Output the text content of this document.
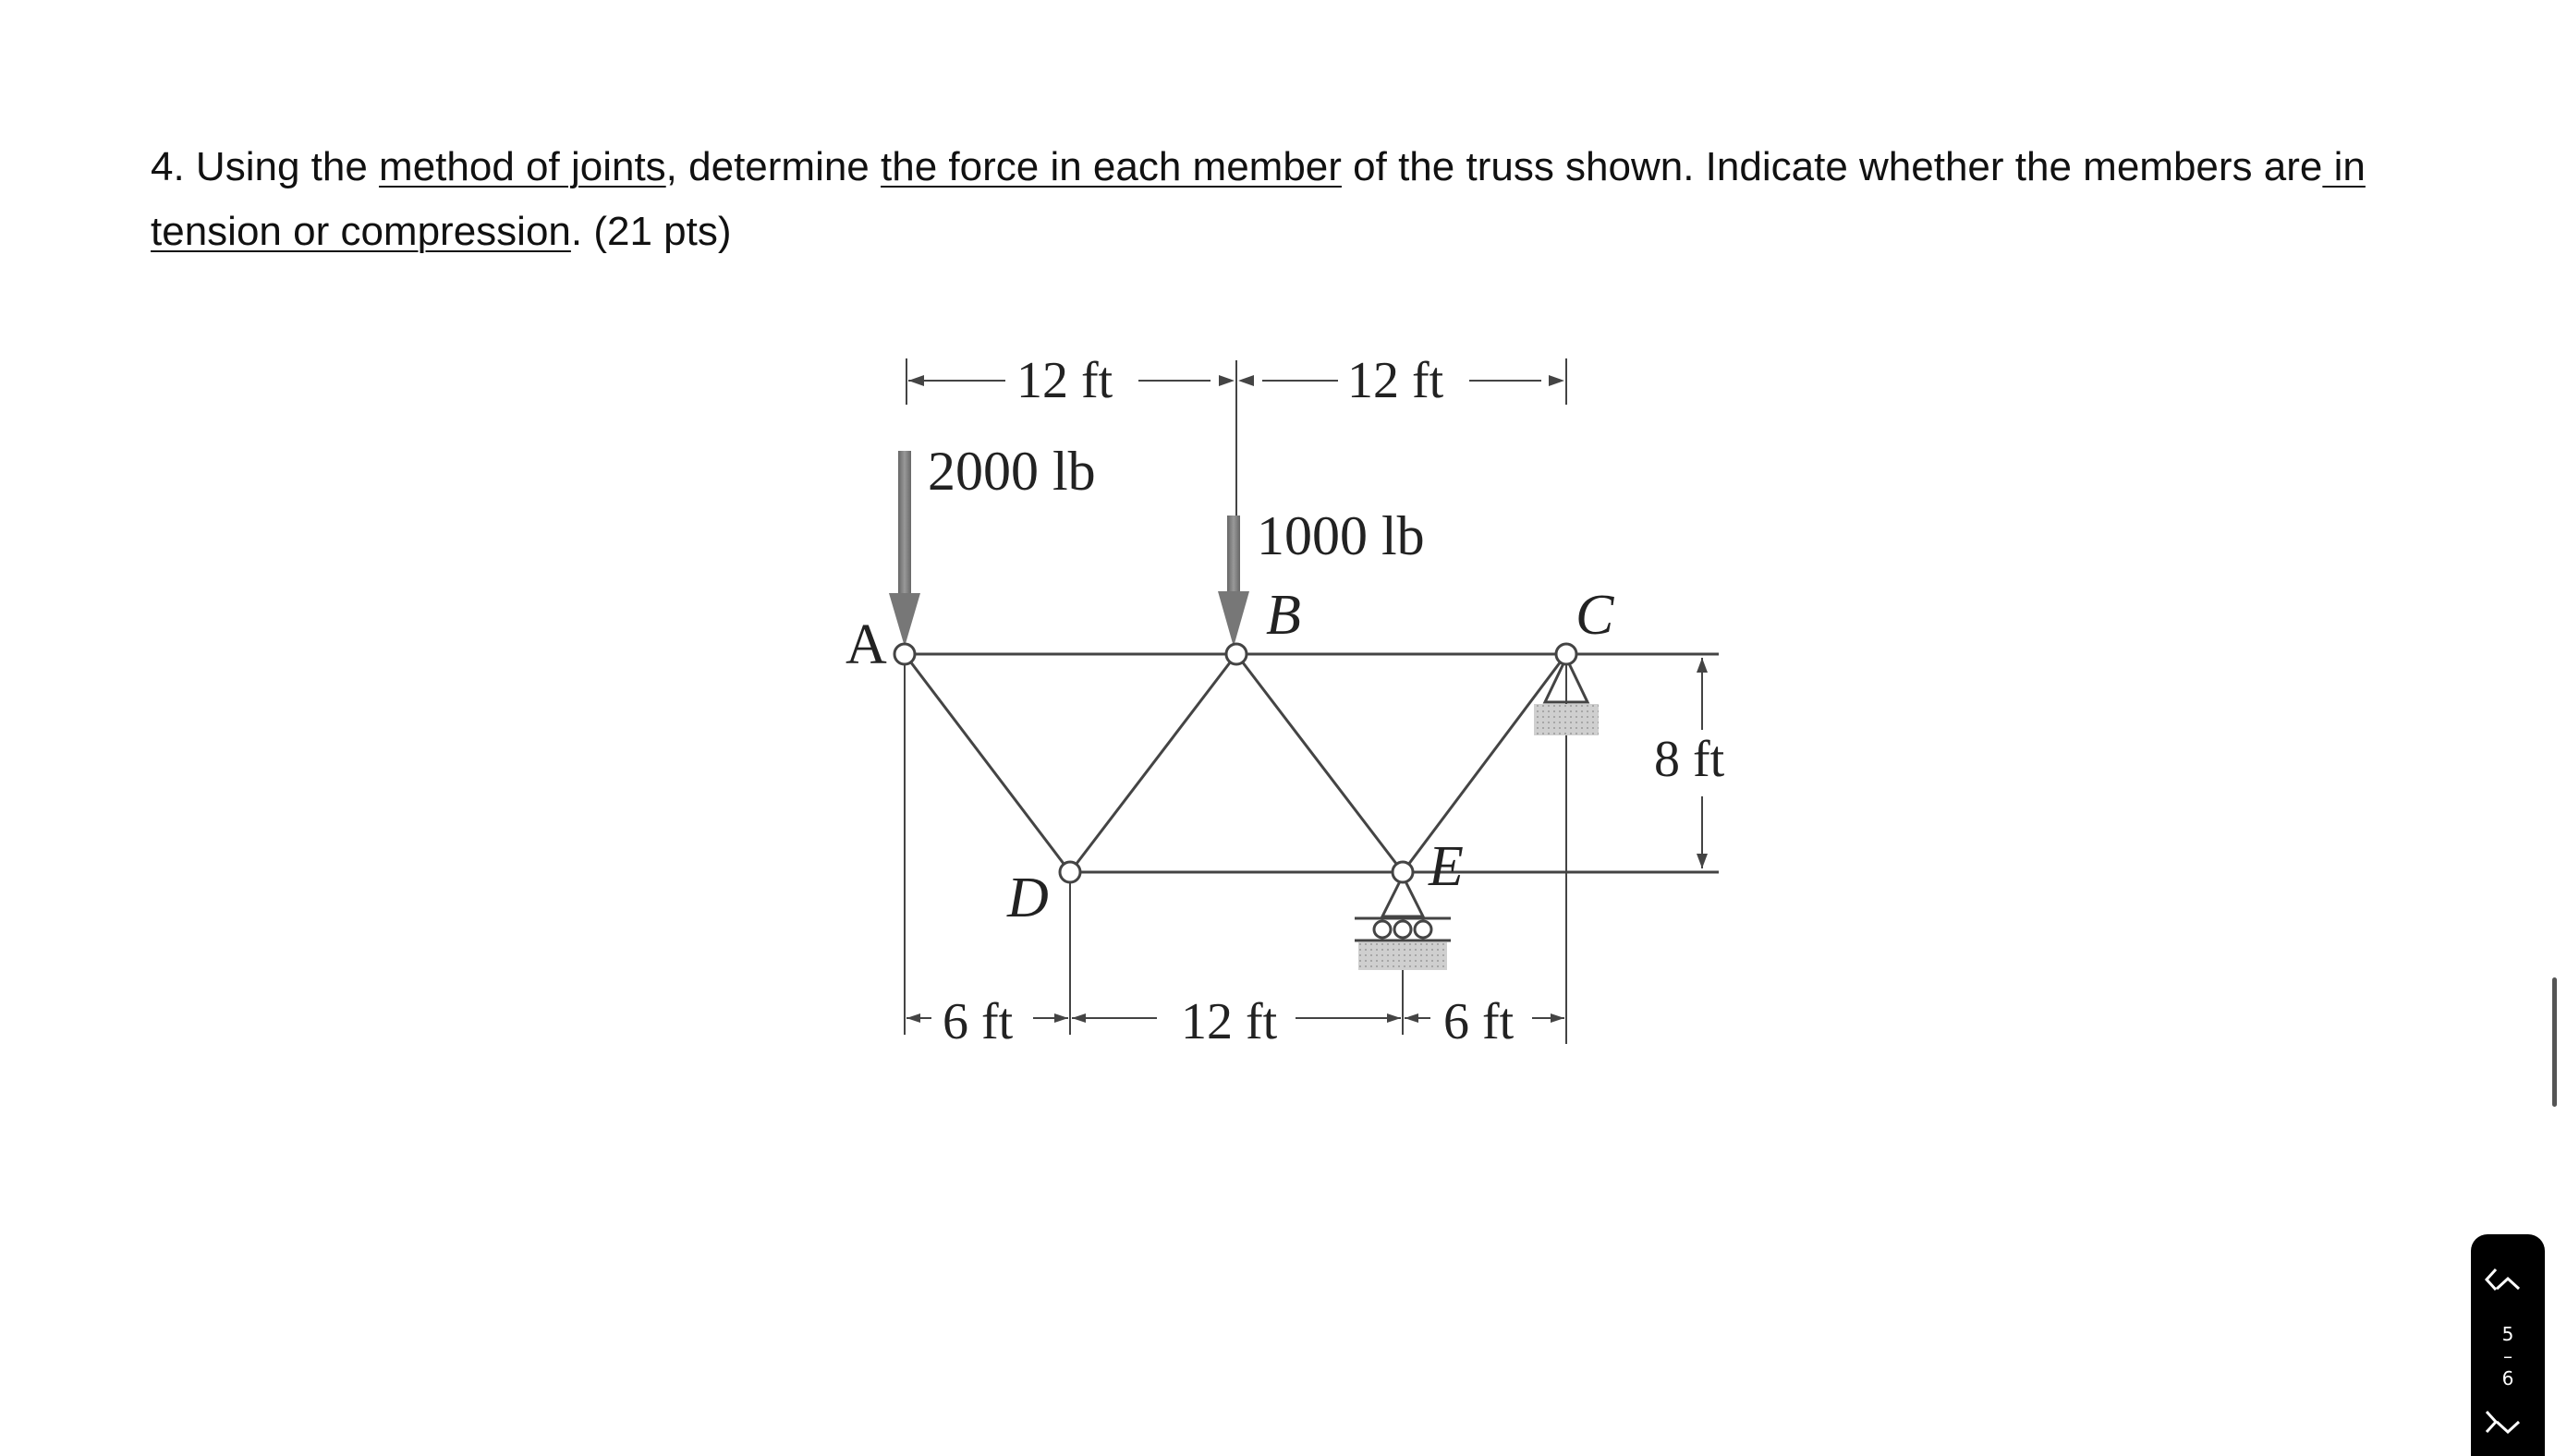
4. Using the method of joints, determine the force in each member of the truss shown. Indicate whether the members are in tension or compression. (21 pts)

12 ft	12 ft
2000 lb
1000 lb
6 ft	12 ft	6 ft
8 ft
A	B	C
D	E
5
–
6
